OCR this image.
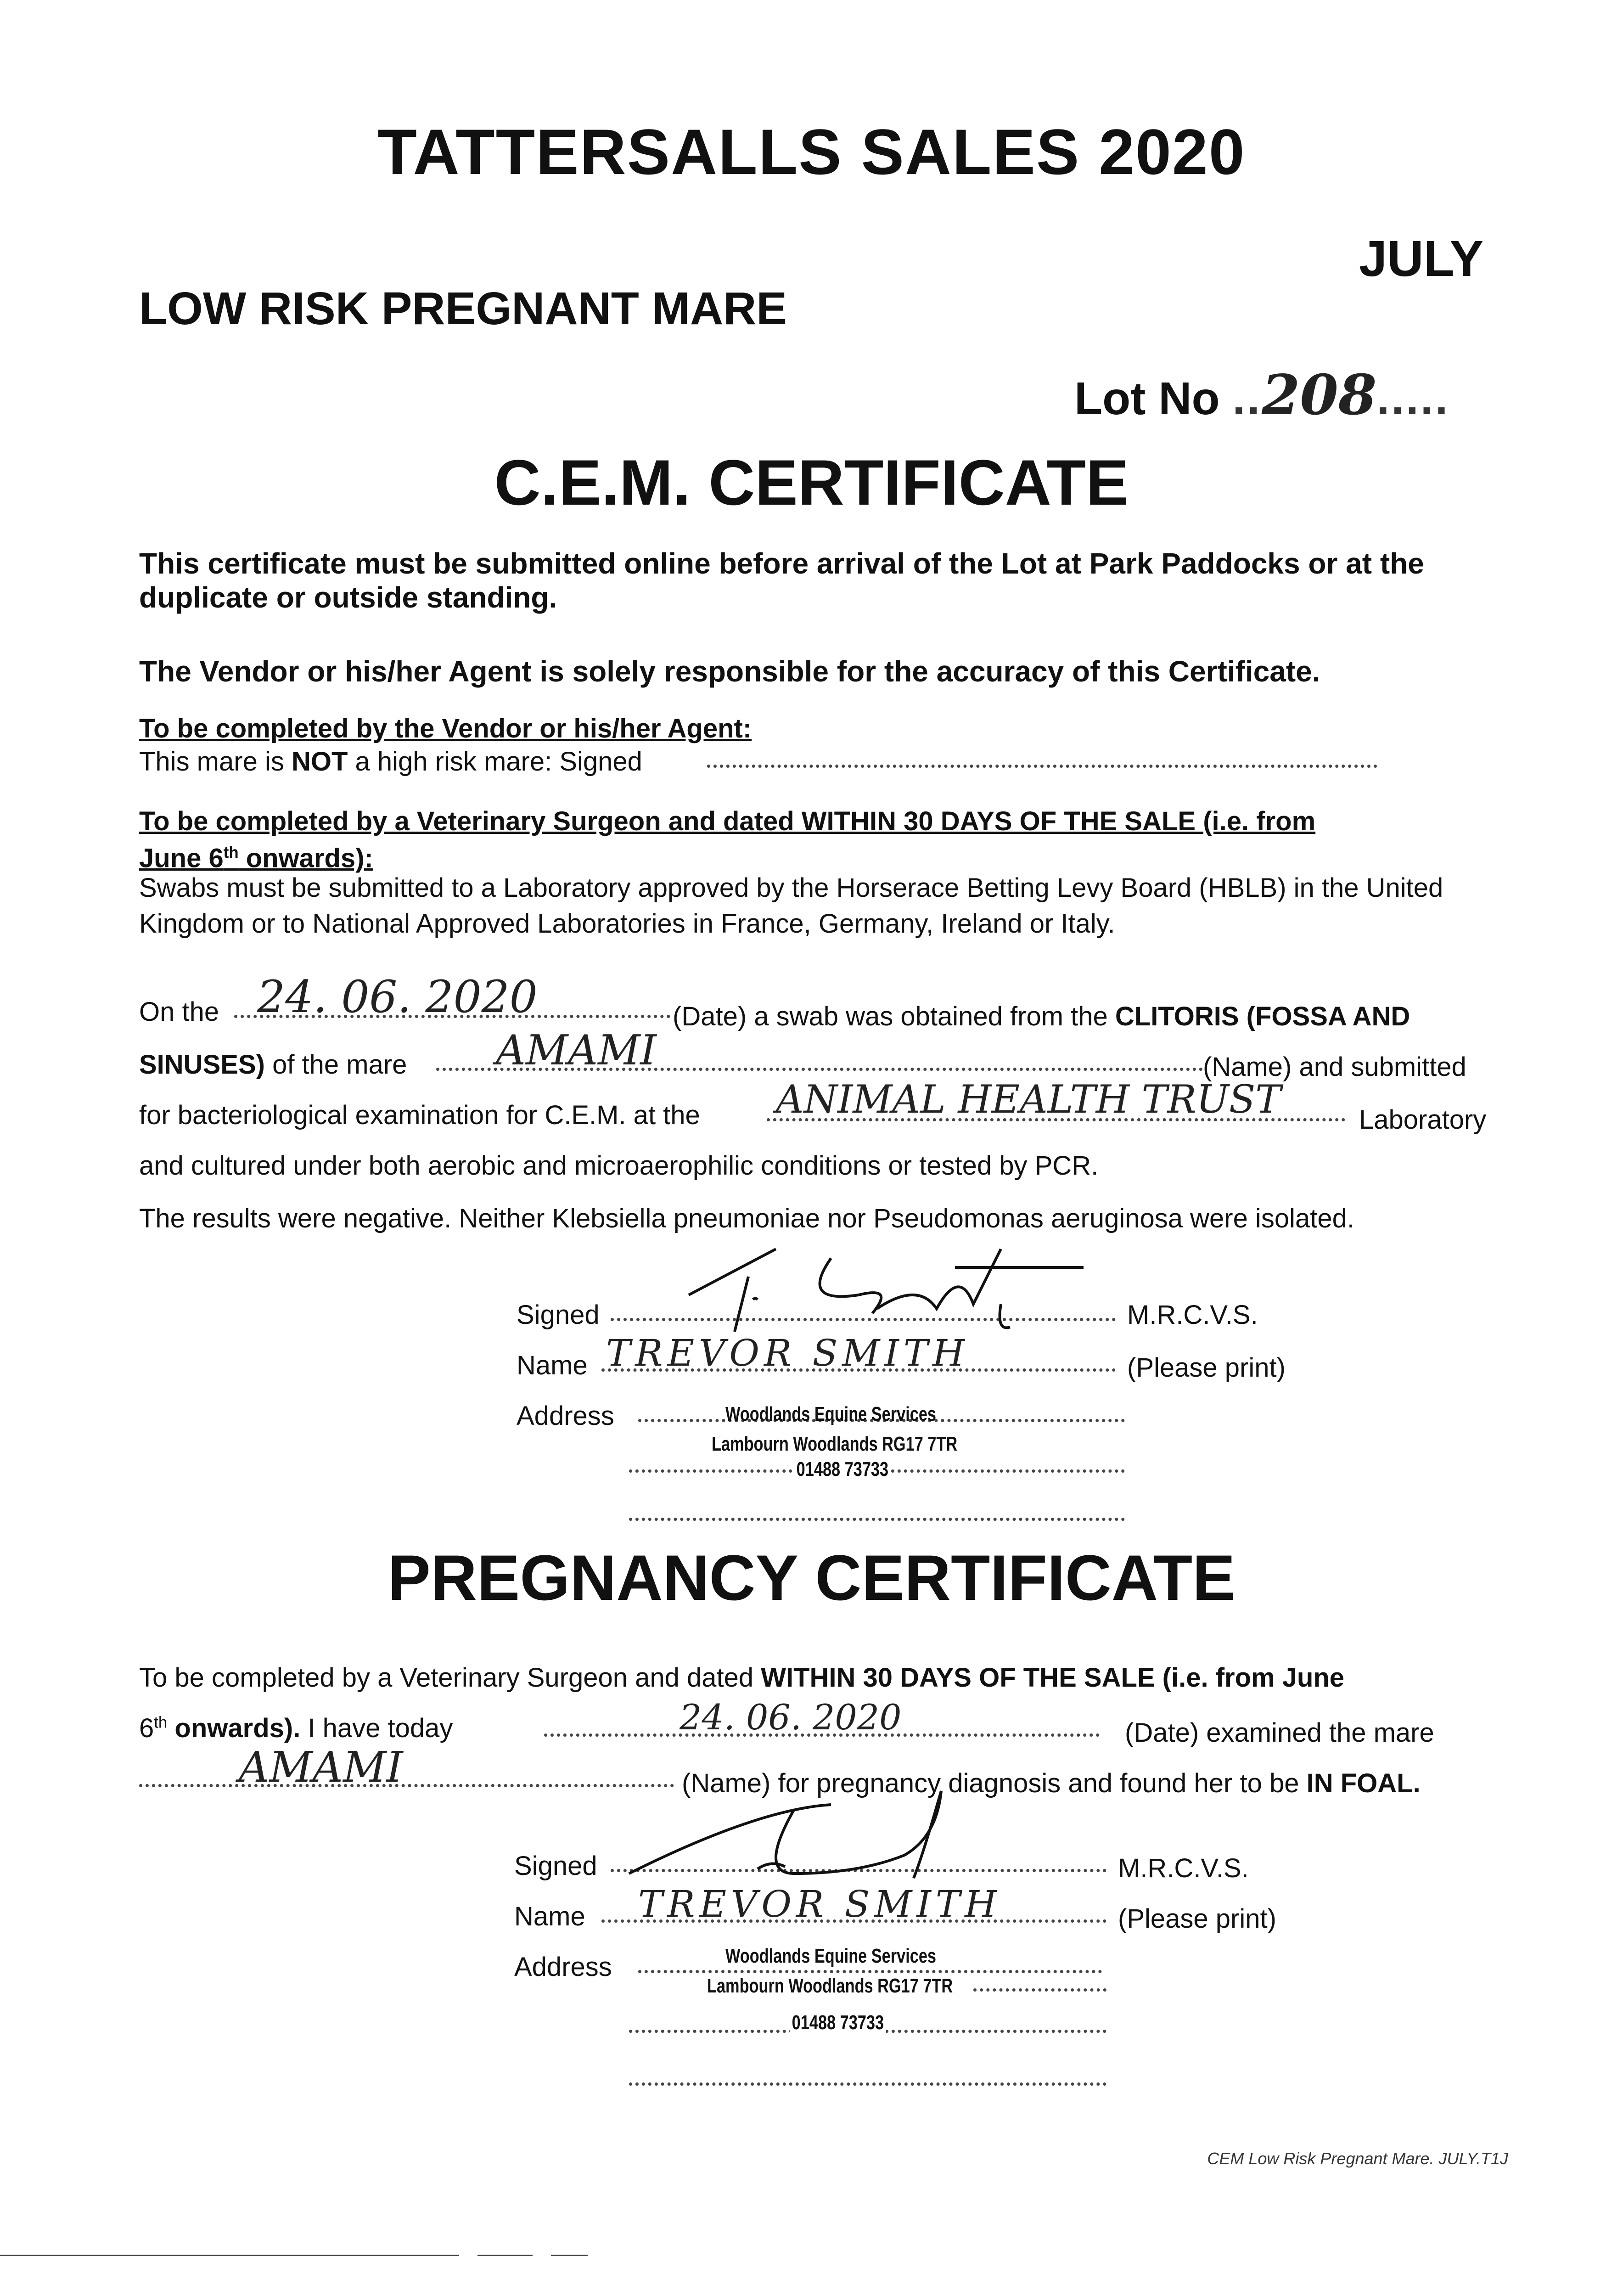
TATTERSALLS SALES 2020
JULY
LOW RISK PREGNANT MARE
Lot No ..208.....
C.E.M. CERTIFICATE
This certificate must be submitted online before arrival of the Lot at Park Paddocks or at the duplicate or outside standing.
The Vendor or his/her Agent is solely responsible for the accuracy of this Certificate.
To be completed by the Vendor or his/her Agent:
This mare is NOT a high risk mare: Signed
To be completed by a Veterinary Surgeon and dated WITHIN 30 DAYS OF THE SALE (i.e. from
June 6th onwards):
Swabs must be submitted to a Laboratory approved by the Horserace Betting Levy Board (HBLB) in the United Kingdom or to National Approved Laboratories in France, Germany, Ireland or Italy.
On the 24. 06. 2020	(Date) a swab was obtained from the CLITORIS (FOSSA AND
SINUSES) of the mare	AMAMI	(Name) and submitted
for bacteriological examination for C.E.M. at the	ANIMAL HEALTH TRUST	Laboratory
and cultured under both aerobic and microaerophilic conditions or tested by PCR.
The results were negative. Neither Klebsiella pneumoniae nor Pseudomonas aeruginosa were isolated.
Signed	M.R.C.V.S.
Name TREVOR SMITH	(Please print)
Address	Woodlands Equine Services
Lambourn Woodlands RG17 7TR
01488 73733
PREGNANCY CERTIFICATE
To be completed by a Veterinary Surgeon and dated WITHIN 30 DAYS OF THE SALE (i.e. from June
6th onwards). I have today	24. 06. 2020	(Date) examined the mare
AMAMI	(Name) for pregnancy diagnosis and found her to be IN FOAL.
Signed	M.R.C.V.S.
Name	TREVOR SMITH	(Please print)
Address	Woodlands Equine Services
Lambourn Woodlands RG17 7TR
01488 73733
CEM Low Risk Pregnant Mare. JULY.T1J
